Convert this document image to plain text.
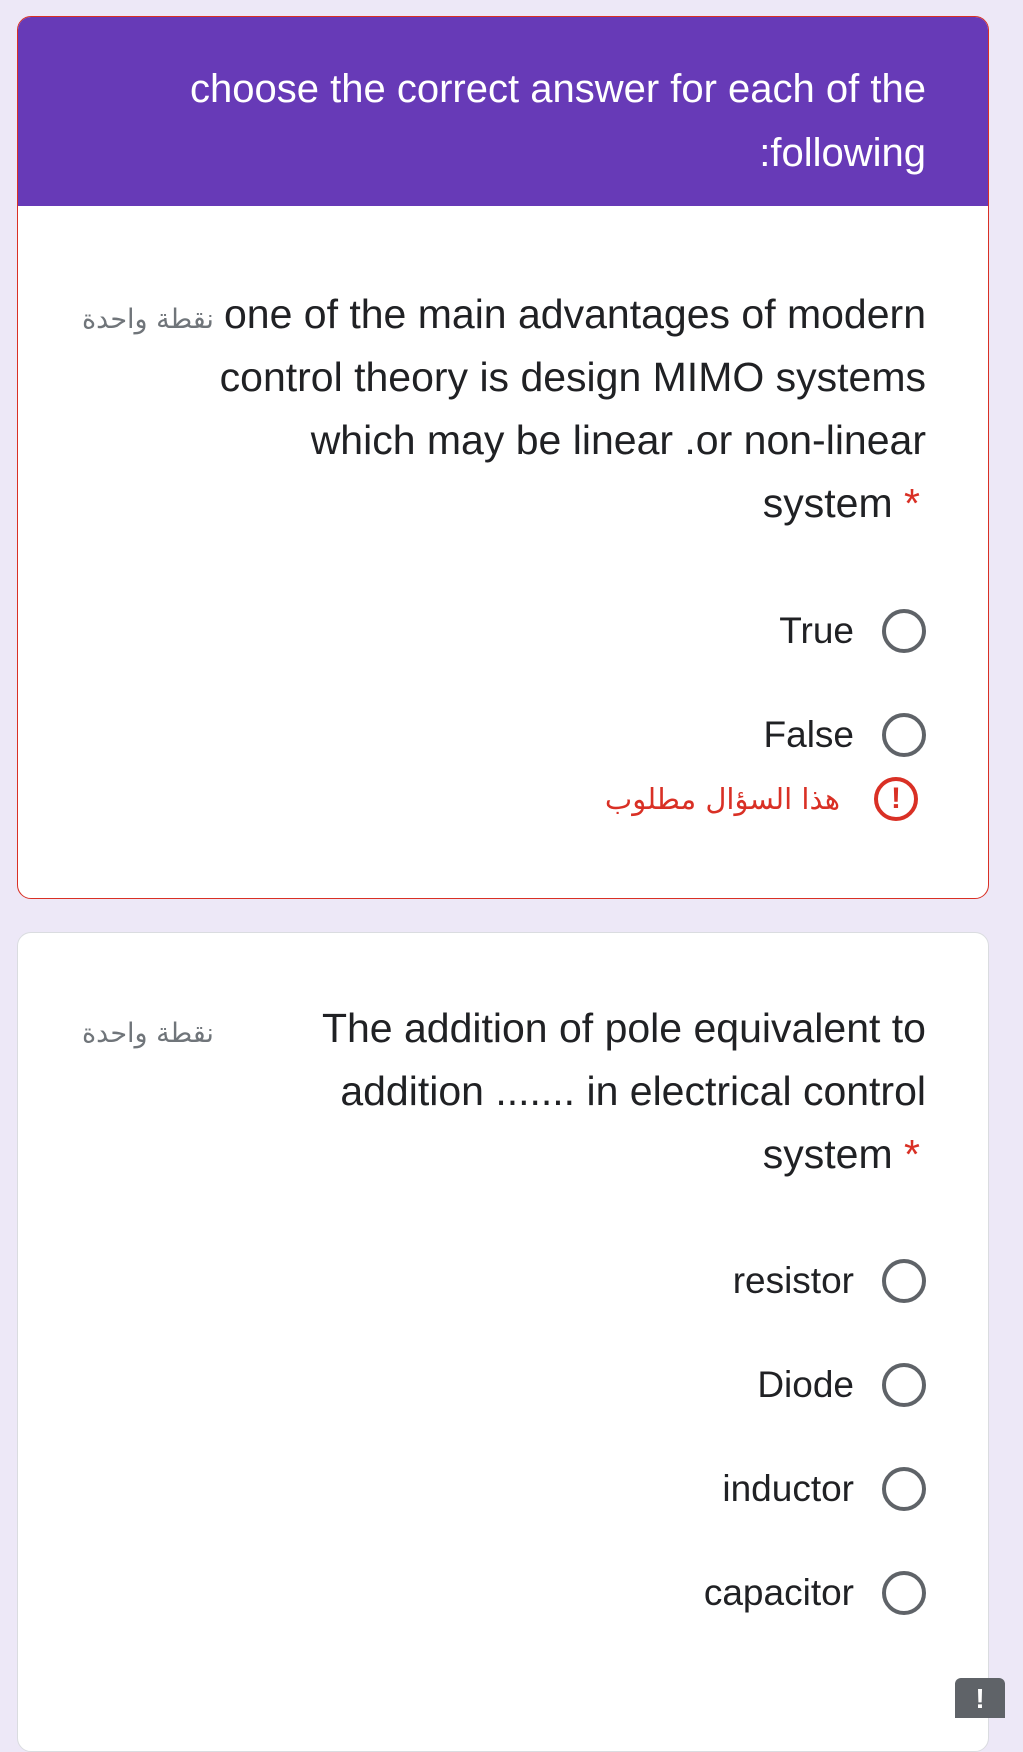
choose the correct answer for each of the :following
نقطة واحدة one of the main advantages of modern control theory is design MIMO systems which may be linear .or non-linear system *
True
False
هذا السؤال مطلوب	!
نقطة واحدة	The addition of pole equivalent to addition ....... in electrical control system *
resistor
Diode
inductor
capacitor
!
